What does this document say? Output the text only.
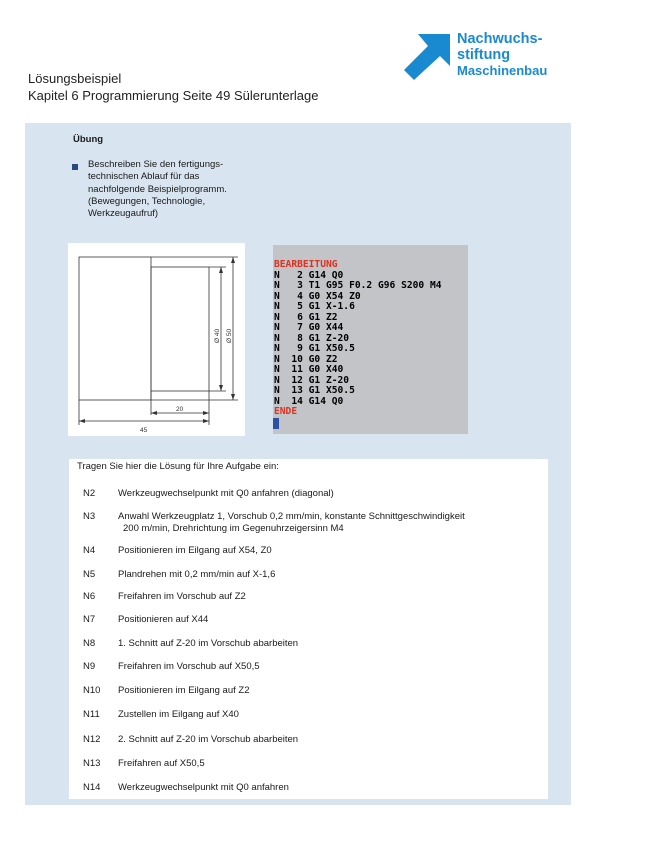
Nachwuchs-
stiftung
Maschinenbau
Lösungsbeispiel
Kapitel 6 Programmierung Seite 49 Sülerunterlage
Übung
Beschreiben Sie den fertigungs-technischen Ablauf für das nachfolgende Beispielprogramm. (Bewegungen, Technologie, Werkzeugaufruf)
Ø 40 Ø 50
20
45
BEARBEITUNG
N   2 G14 Q0
N   3 T1 G95 F0.2 G96 S200 M4
N   4 G0 X54 Z0
N   5 G1 X-1.6
N   6 G1 Z2
N   7 G0 X44
N   8 G1 Z-20
N   9 G1 X50.5
N  10 G0 Z2
N  11 G0 X40
N  12 G1 Z-20
N  13 G1 X50.5
N  14 G14 Q0
ENDE
Tragen Sie hier die Lösung für Ihre Aufgabe ein:
N2	Werkzeugwechselpunkt mit Q0 anfahren (diagonal)
N3	Anwahl Werkzeugplatz 1, Vorschub 0,2 mm/min, konstante Schnittgeschwindigkeit
200 m/min, Drehrichtung im Gegenuhrzeigersinn M4
N4	Positionieren im Eilgang auf X54, Z0
N5	Plandrehen mit 0,2 mm/min auf X-1,6
N6	Freifahren im Vorschub auf Z2
N7	Positionieren auf X44
N8	1. Schnitt auf Z-20 im Vorschub abarbeiten
N9	Freifahren im Vorschub auf X50,5
N10	Positionieren im Eilgang auf Z2
N11	Zustellen im Eilgang auf X40
N12	2. Schnitt auf Z-20 im Vorschub abarbeiten
N13	Freifahren auf X50,5
N14	Werkzeugwechselpunkt mit Q0 anfahren
